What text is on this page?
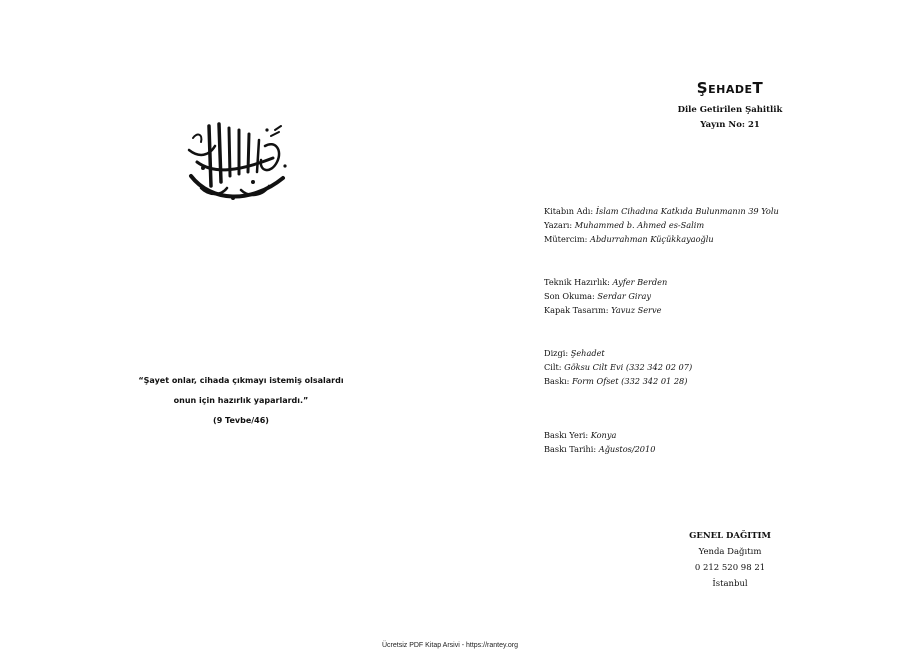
“Şayet onlar, cihada çıkmayı istemiş olsalardı
onun için hazırlık yaparlardı.”
(9 Tevbe/46)
ŞEHADET
Dile Getirilen Şahitlik
Yayın No: 21
Kitabın Adı: İslam Cihadına Katkıda Bulunmanın 39 Yolu
Yazarı: Muhammed b. Ahmed es-Salim
Mütercim: Abdurrahman Küçükkayaoğlu
Teknik Hazırlık: Ayfer Berden
Son Okuma: Serdar Giray
Kapak Tasarım: Yavuz Serve
Dizgi: Şehadet
Cilt: Göksu Cilt Evi (332 342 02 07)
Baskı: Form Ofset (332 342 01 28)
Baskı Yeri: Konya
Baskı Tarihi: Ağustos/2010
GENEL DAĞITIM
Yenda Dağıtım
0 212 520 98 21
İstanbul
Ücretsiz PDF Kitap Arsivi - https://rantey.org
